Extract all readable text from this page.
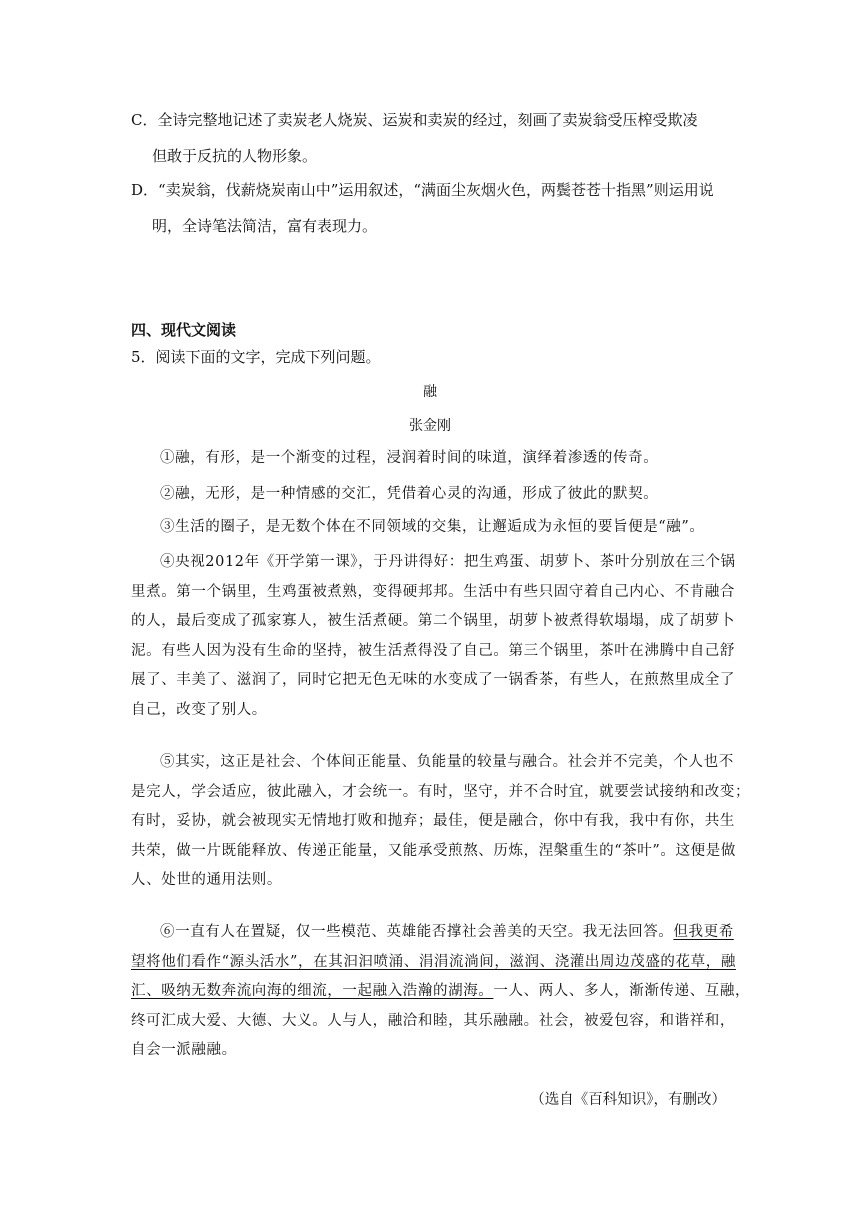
C．全诗完整地记述了卖炭老人烧炭、运炭和卖炭的经过，刻画了卖炭翁受压榨受欺凌
但敢于反抗的人物形象。
D．“卖炭翁，伐薪烧炭南山中”运用叙述，“满面尘灰烟火色，两鬓苍苍十指黑”则运用说
明，全诗笔法简洁，富有表现力。
四、现代文阅读
5．阅读下面的文字，完成下列问题。
融
张金刚
①融，有形，是一个渐变的过程，浸润着时间的味道，演绎着渗透的传奇。
②融，无形，是一种情感的交汇，凭借着心灵的沟通，形成了彼此的默契。
③生活的圈子，是无数个体在不同领域的交集，让邂逅成为永恒的要旨便是“融”。
④央视2012年《开学第一课》，于丹讲得好：把生鸡蛋、胡萝卜、茶叶分别放在三个锅
里煮。第一个锅里，生鸡蛋被煮熟，变得硬邦邦。生活中有些只固守着自己内心、不肯融合
的人，最后变成了孤家寡人，被生活煮硬。第二个锅里，胡萝卜被煮得软塌塌，成了胡萝卜
泥。有些人因为没有生命的坚持，被生活煮得没了自己。第三个锅里，茶叶在沸腾中自己舒
展了、丰美了、滋润了，同时它把无色无味的水变成了一锅香茶，有些人，在煎熬里成全了
自己，改变了别人。
⑤其实，这正是社会、个体间正能量、负能量的较量与融合。社会并不完美，个人也不
是完人，学会适应，彼此融入，才会统一。有时，坚守，并不合时宜，就要尝试接纳和改变；
有时，妥协，就会被现实无情地打败和抛弃；最佳，便是融合，你中有我，我中有你，共生
共荣，做一片既能释放、传递正能量，又能承受煎熬、历炼，涅槃重生的“茶叶”。这便是做
人、处世的通用法则。
⑥一直有人在置疑，仅一些模范、英雄能否撑社会善美的天空。我无法回答。但我更希
望将他们看作“源头活水”，在其汩汩喷涌、涓涓流淌间，滋润、浇灌出周边茂盛的花草，融
汇、吸纳无数奔流向海的细流，一起融入浩瀚的湖海。一人、两人、多人，渐渐传递、互融，
终可汇成大爱、大德、大义。人与人，融洽和睦，其乐融融。社会，被爱包容，和谐祥和，
自会一派融融。
（选自《百科知识》，有删改）
